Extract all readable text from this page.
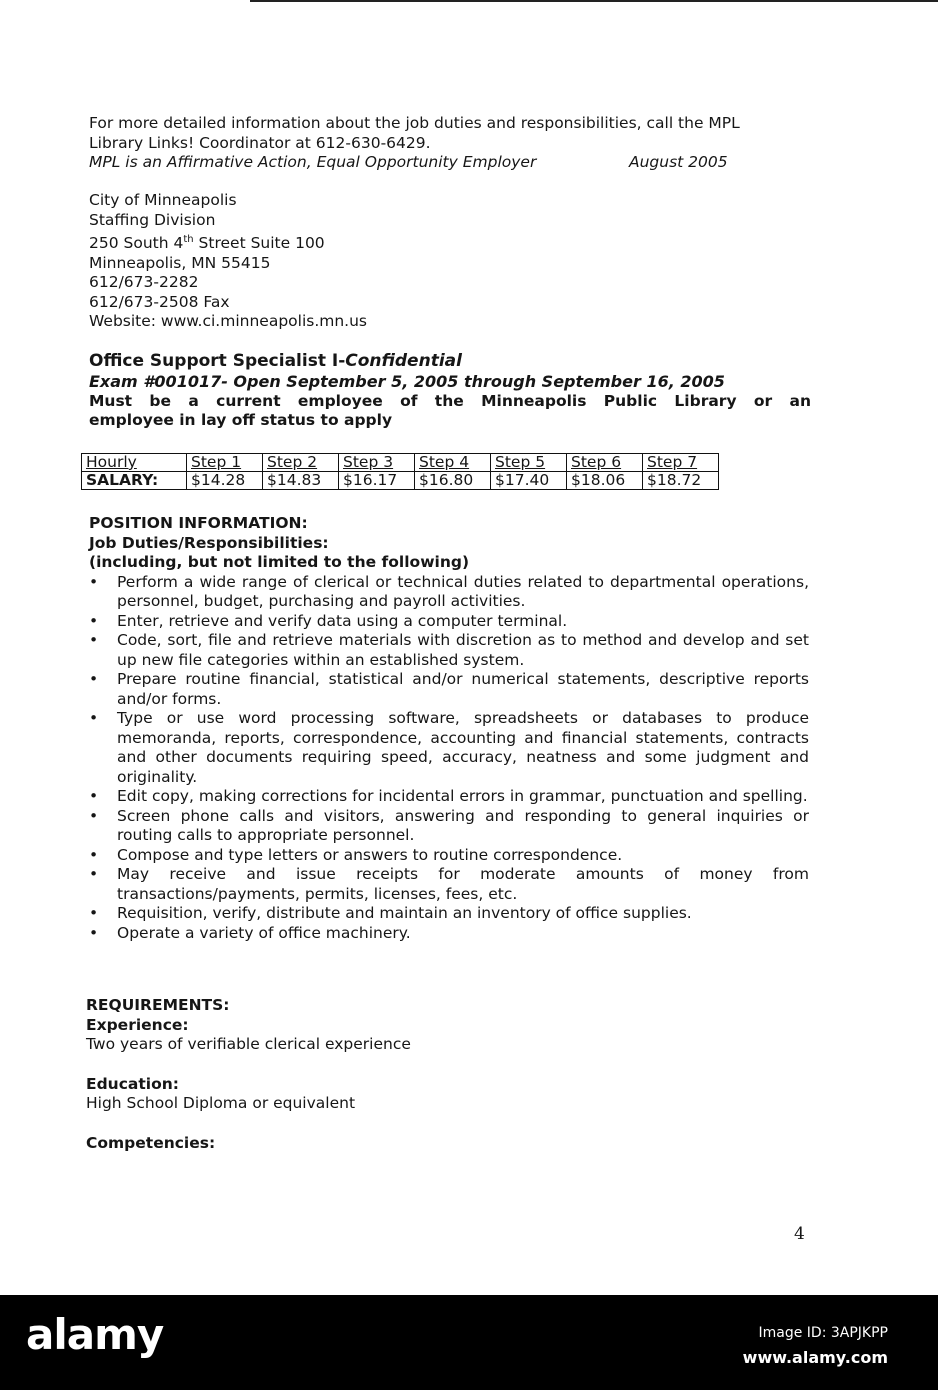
For more detailed information about the job duties and responsibilities, call the MPL
Library Links! Coordinator at 612-630-6429.
MPL is an Affirmative Action, Equal Opportunity Employer	August 2005
City of Minneapolis
Staffing Division
250 South 4th Street Suite 100
Minneapolis, MN 55415
612/673-2282
612/673-2508 Fax
Website: www.ci.minneapolis.mn.us
Office Support Specialist I-Confidential
Exam #001017- Open September 5, 2005 through September 16, 2005
Must be a current employee of the Minneapolis Public Library or an
employee in lay off status to apply
Hourly	Step 1	Step 2	Step 3	Step 4	Step 5	Step 6	Step 7
SALARY:	$14.28	$14.83	$16.17	$16.80	$17.40	$18.06	$18.72
POSITION INFORMATION:
Job Duties/Responsibilities:
(including, but not limited to the following)
• Perform a wide range of clerical or technical duties related to departmental operations, personnel, budget, purchasing and payroll activities.
• Enter, retrieve and verify data using a computer terminal.
• Code, sort, file and retrieve materials with discretion as to method and develop and set up new file categories within an established system.
• Prepare routine financial, statistical and/or numerical statements, descriptive reports and/or forms.
• Type or use word processing software, spreadsheets or databases to produce memoranda, reports, correspondence, accounting and financial statements, contracts and other documents requiring speed, accuracy, neatness and some judgment and originality.
• Edit copy, making corrections for incidental errors in grammar, punctuation and spelling.
• Screen phone calls and visitors, answering and responding to general inquiries or routing calls to appropriate personnel.
• Compose and type letters or answers to routine correspondence.
• May receive and issue receipts for moderate amounts of money from transactions/payments, permits, licenses, fees, etc.
• Requisition, verify, distribute and maintain an inventory of office supplies.
• Operate a variety of office machinery.
REQUIREMENTS:
Experience:
Two years of verifiable clerical experience
Education:
High School Diploma or equivalent
Competencies:
4
alamy	Image ID: 3APJKPP
www.alamy.com
